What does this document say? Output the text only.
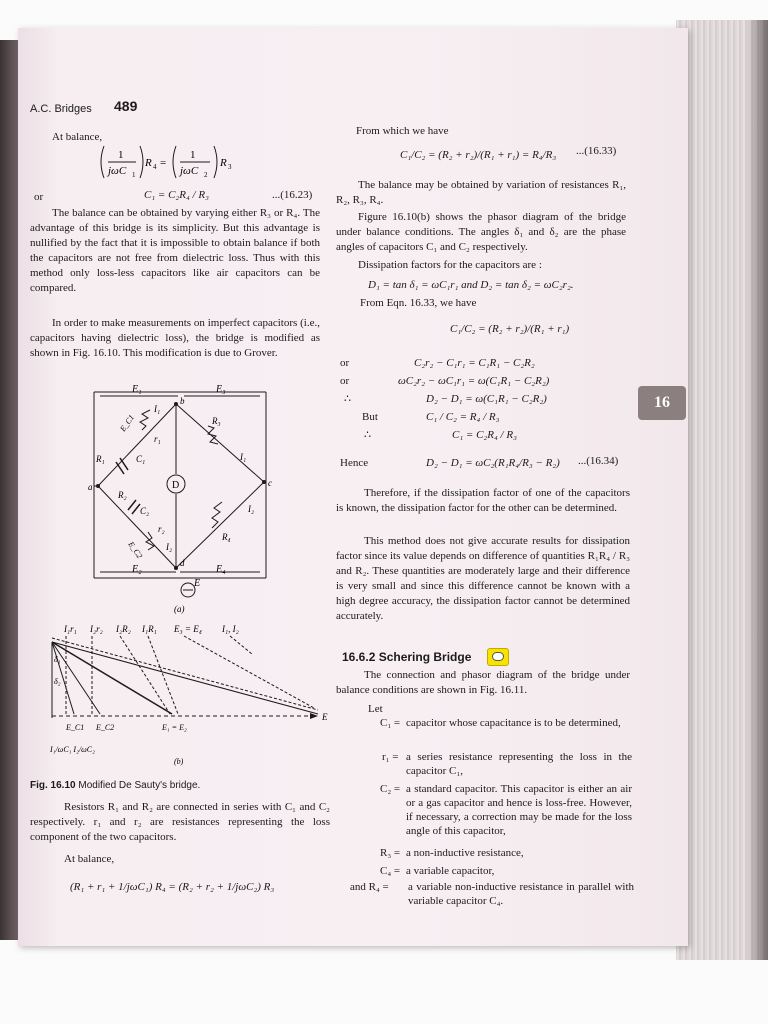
16
A.C. Bridges 489
At balance,
1
jωC 1
R 4 =
1
jωC 2
R 3
or	C₁ = C₂R₄ / R₃	...(16.23)
The balance can be obtained by varying either R₃ or R₄. The advantage of this bridge is its simplicity. But this advantage is nullified by the fact that it is impossible to obtain balance if both the capacitors are not free from dielectric loss. Thus with this method only loss-less capacitors like air capacitors can be compared.
In order to make measurements on imperfect capacitors (i.e., capacitors having dielectric loss), the bridge is modified as shown in Fig. 16.10. This modification is due to Grover.
E₁	E₃
E₂	E₄
E
I₁
I₁
I₂
I₂
R₁
R₂
R₃
R₄
C₁
C₂
r₁
r₂
E_C1
E_C2
D
a
b
c
d
(a)
I₁r₁ I₂r₂ I₂R₂ I₁R₁ E₃ = E₄ I₁, I₂
δ₁
δ₂
E_C1 E_C2	E₁ = E₂
E
I₁/ωC₁ I₂/ωC₂
(b)
Fig. 16.10 Modified De Sauty's bridge.
Resistors R₁ and R₂ are connected in series with C₁ and C₂ respectively. r₁ and r₂ are resistances representing the loss component of the two capacitors.
At balance,
(R₁ + r₁ + 1/jωC₁) R₄ = (R₂ + r₂ + 1/jωC₂) R₃
From which we have
C₁/C₂ = (R₂ + r₂)/(R₁ + r₁) = R₄/R₃ ...(16.33)
The balance may be obtained by variation of resistances R₁, R₂, R₃, R₄.
Figure 16.10(b) shows the phasor diagram of the bridge under balance conditions. The angles δ₁ and δ₂ are the phase angles of capacitors C₁ and C₂ respectively.
Dissipation factors for the capacitors are :
D₁ = tan δ₁ = ωC₁r₁ and D₂ = tan δ₂ = ωC₂r₂.
From Eqn. 16.33, we have
C₁/C₂ = (R₂ + r₂)/(R₁ + r₁)
or	C₂r₂ − C₁r₁ = C₁R₁ − C₂R₂
or	ωC₂r₂ − ωC₁r₁ = ω(C₁R₁ − C₂R₂)
∴	D₂ − D₁ = ω(C₁R₁ − C₂R₂)
But	C₁ / C₂ = R₄ / R₃
∴	C₁ = C₂R₄ / R₃
Hence	D₂ − D₁ = ωC₂(R₁R₄/R₃ − R₂) ...(16.34)
Therefore, if the dissipation factor of one of the capacitors is known, the dissipation factor for the other can be determined.
This method does not give accurate results for dissipation factor since its value depends on difference of quantities R₁R₄ / R₃ and R₂. These quantities are moderately large and their difference is very small and since this difference cannot be known with a high degree accuracy, the dissipation factor cannot be determined accurately.
16.6.2 Schering Bridge
The connection and phasor diagram of the bridge under balance conditions are shown in Fig. 16.11.
Let
C₁ = capacitor whose capacitance is to be determined,
r₁ = a series resistance representing the loss in the capacitor C₁,
C₂ = a standard capacitor. This capacitor is either an air or a gas capacitor and hence is loss-free. However, if necessary, a correction may be made for the loss angle of this capacitor,
R₃ = a non-inductive resistance,
C₄ = a variable capacitor,
and R₄ = a variable non-inductive resistance in parallel with variable capacitor C₄.
